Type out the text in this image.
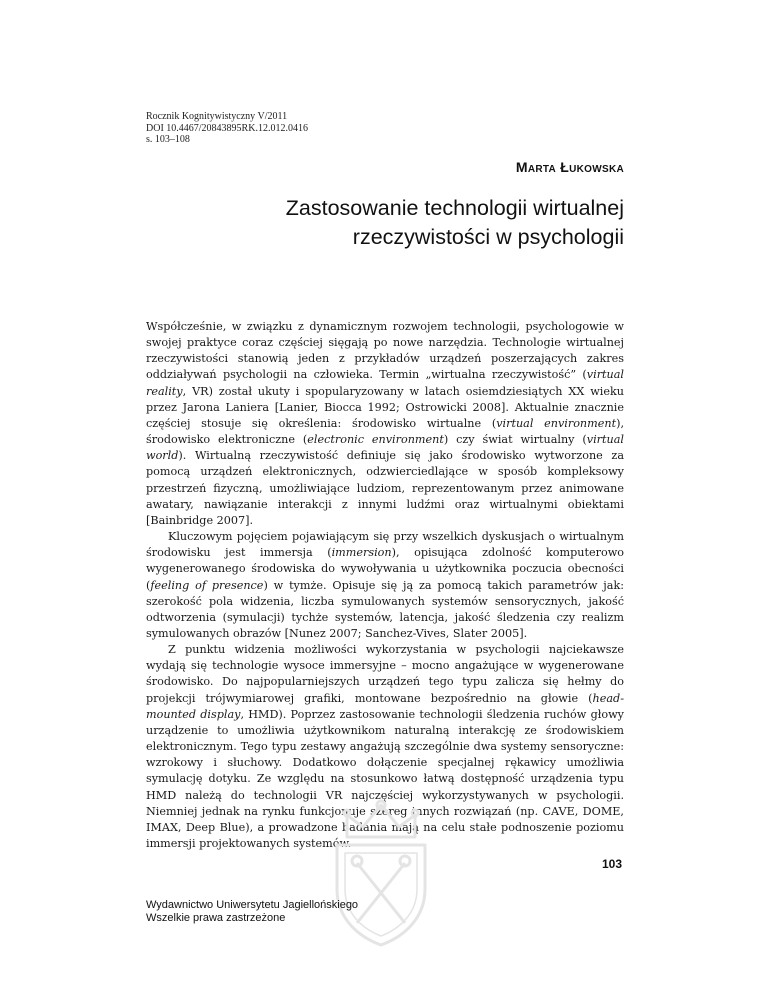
Rocznik Kognitywistyczny V/2011
DOI 10.4467/20843895RK.12.012.0416
s. 103–108
Marta Łukowska
Zastosowanie technologii wirtualnej
rzeczywistości w psychologii

Współcześnie, w związku z dynamicznym rozwojem technologii, psychologowie w swojej praktyce coraz częściej sięgają po nowe narzędzia. Technologie wirtualnej rzeczywistości stanowią jeden z przykładów urządzeń poszerzających zakres oddziaływań psychologii na człowieka. Termin „wirtualna rzeczywistość” (virtual reality, VR) został ukuty i spopularyzowany w latach osiemdziesiątych XX wieku przez Jarona Laniera [Lanier, Biocca 1992; Ostrowicki 2008]. Aktualnie znacznie częściej stosuje się określenia: środowisko wirtualne (virtual environment), środowisko elektroniczne (electronic environment) czy świat wirtualny (virtual world). Wirtualną rzeczywistość definiuje się jako środowisko wytworzone za pomocą urządzeń elektronicznych, odzwierciedlające w sposób kompleksowy przestrzeń fizyczną, umożliwiające ludziom, reprezentowanym przez animowane awatary, nawiązanie interakcji z innymi ludźmi oraz wirtualnymi obiektami [Bainbridge 2007].

Kluczowym pojęciem pojawiającym się przy wszelkich dyskusjach o wirtualnym środowisku jest immersja (immersion), opisująca zdolność komputerowo wygenerowanego środowiska do wywoływania u użytkownika poczucia obecności (feeling of presence) w tymże. Opisuje się ją za pomocą takich parametrów jak: szerokość pola widzenia, liczba symulowanych systemów sensorycznych, jakość odtworzenia (symulacji) tychże systemów, latencja, jakość śledzenia czy realizm symulowanych obrazów [Nunez 2007; Sanchez-Vives, Slater 2005].

Z punktu widzenia możliwości wykorzystania w psychologii najciekawsze wydają się technologie wysoce immersyjne – mocno angażujące w wygenerowane środowisko. Do najpopularniejszych urządzeń tego typu zalicza się hełmy do projekcji trójwymiarowej grafiki, montowane bezpośrednio na głowie (head-mounted display, HMD). Poprzez zastosowanie technologii śledzenia ruchów głowy urządzenie to umożliwia użytkownikom naturalną interakcję ze środowiskiem elektronicznym. Tego typu zestawy angażują szczególnie dwa systemy sensoryczne: wzrokowy i słuchowy. Dodatkowo dołączenie specjalnej rękawicy umożliwia symulację dotyku. Ze względu na stosunkowo łatwą dostępność urządzenia typu HMD należą do technologii VR najczęściej wykorzystywanych w psychologii. Niemniej jednak na rynku funkcjonuje szereg innych rozwiązań (np. CAVE, DOME, IMAX, Deep Blue), a prowadzone badania mają na celu stałe podnoszenie poziomu immersji projektowanych systemów.

103
Wydawnictwo Uniwersytetu Jagiellońskiego
Wszelkie prawa zastrzeżone
